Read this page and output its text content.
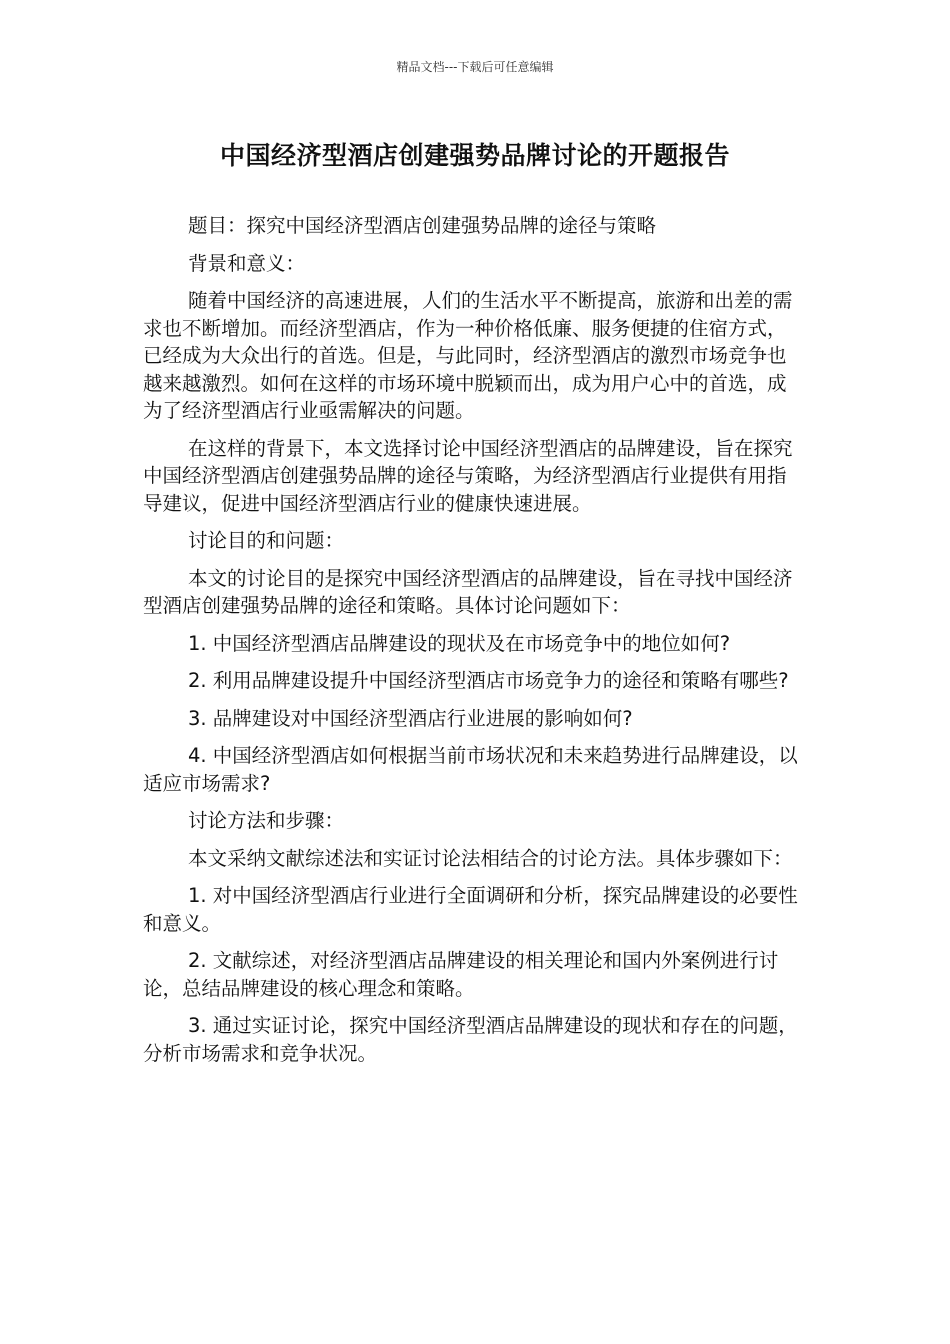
精品文档---下载后可任意编辑
中国经济型酒店创建强势品牌讨论的开题报告

题目：探究中国经济型酒店创建强势品牌的途径与策略

背景和意义：

随着中国经济的高速进展，人们的生活水平不断提高，旅游和出差的需求也不断增加。而经济型酒店，作为一种价格低廉、服务便捷的住宿方式，已经成为大众出行的首选。但是，与此同时，经济型酒店的激烈市场竞争也越来越激烈。如何在这样的市场环境中脱颖而出，成为用户心中的首选，成为了经济型酒店行业亟需解决的问题。

在这样的背景下，本文选择讨论中国经济型酒店的品牌建设，旨在探究中国经济型酒店创建强势品牌的途径与策略，为经济型酒店行业提供有用指导建议，促进中国经济型酒店行业的健康快速进展。

讨论目的和问题：

本文的讨论目的是探究中国经济型酒店的品牌建设，旨在寻找中国经济型酒店创建强势品牌的途径和策略。具体讨论问题如下：

1. 中国经济型酒店品牌建设的现状及在市场竞争中的地位如何?

2. 利用品牌建设提升中国经济型酒店市场竞争力的途径和策略有哪些?

3. 品牌建设对中国经济型酒店行业进展的影响如何?

4. 中国经济型酒店如何根据当前市场状况和未来趋势进行品牌建设，以适应市场需求?

讨论方法和步骤：

本文采纳文献综述法和实证讨论法相结合的讨论方法。具体步骤如下：

1. 对中国经济型酒店行业进行全面调研和分析，探究品牌建设的必要性和意义。

2. 文献综述，对经济型酒店品牌建设的相关理论和国内外案例进行讨论，总结品牌建设的核心理念和策略。

3. 通过实证讨论，探究中国经济型酒店品牌建设的现状和存在的问题，分析市场需求和竞争状况。
